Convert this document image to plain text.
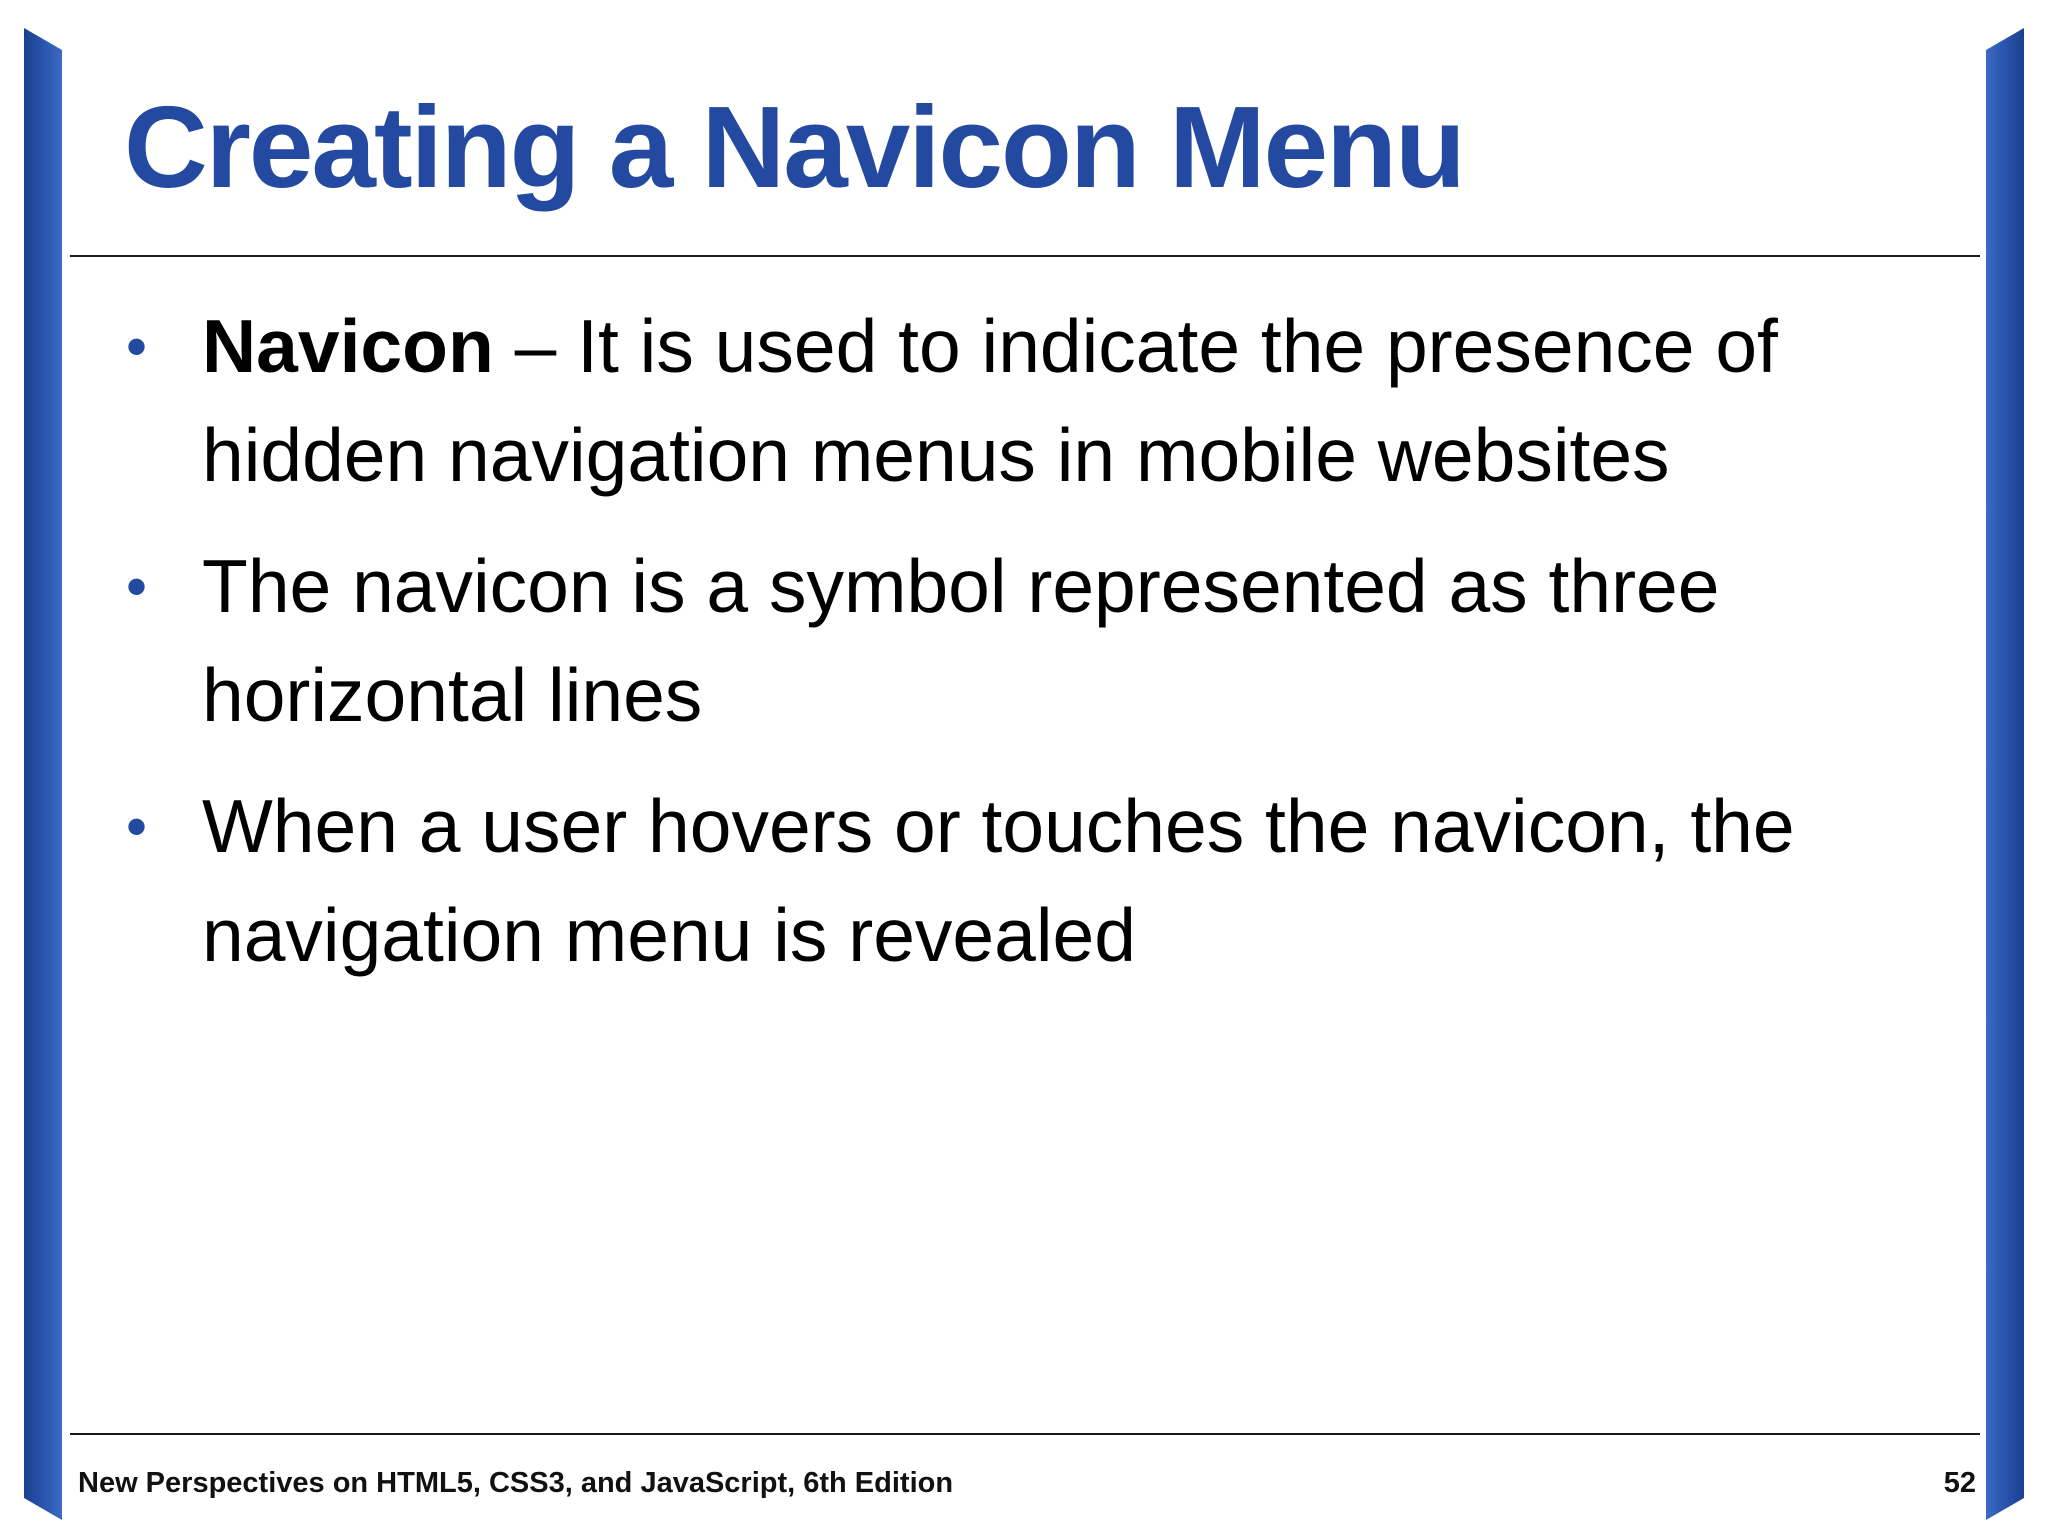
Creating a Navicon Menu
• Navicon – It is used to indicate the presence of hidden navigation menus in mobile websites
• The navicon is a symbol represented as three horizontal lines
• When a user hovers or touches the navicon, the navigation menu is revealed
New Perspectives on HTML5, CSS3, and JavaScript, 6th Edition	52
